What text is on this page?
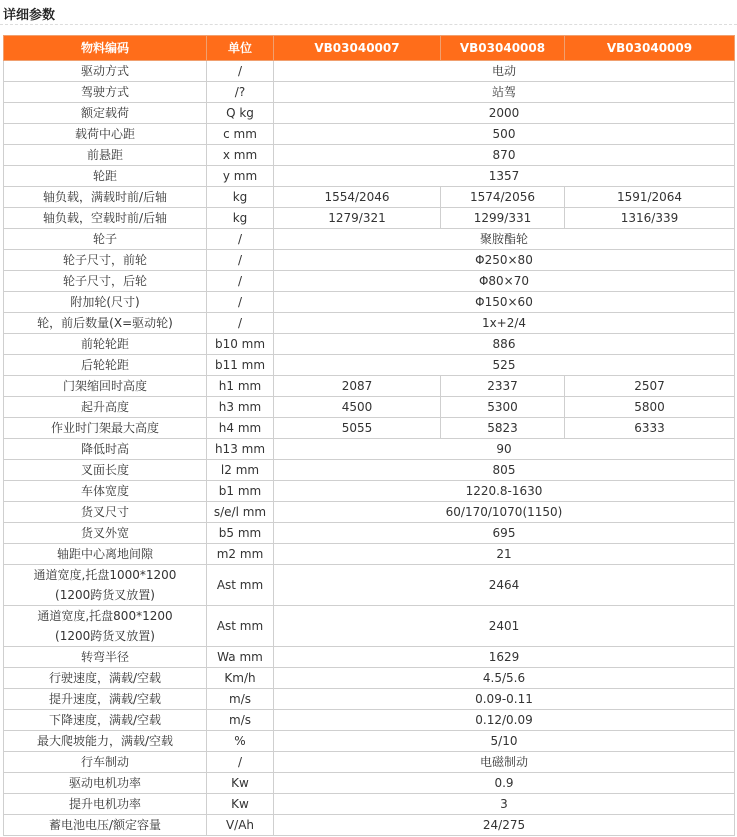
详细参数
物料编码	单位	VB03040007	VB03040008	VB03040009

驱动方式	/	电动		

驾驶方式	/?	站驾		

额定载荷	Q kg	2000		

载荷中心距	c mm	500		

前悬距	x mm	870		

轮距	y mm	1357		

轴负载，满载时前/后轴	kg	1554/2046	1574/2056	1591/2064

轴负载，空载时前/后轴	kg	1279/321	1299/331	1316/339

轮子	/	聚胺酯轮		

轮子尺寸，前轮	/	Φ250×80		

轮子尺寸，后轮	/	Φ80×70		

附加轮(尺寸)	/	Φ150×60		

轮，前后数量(X=驱动轮)	/	1x+2/4		

前轮轮距	b10 mm	886		

后轮轮距	b11 mm	525		

门架缩回时高度	h1 mm	2087	2337	2507

起升高度	h3 mm	4500	5300	5800

作业时门架最大高度	h4 mm	5055	5823	6333

降低时高	h13 mm	90		

叉面长度	l2 mm	805		

车体宽度	b1 mm	1220.8-1630		

货叉尺寸	s/e/l mm	60/170/1070(1150)		

货叉外宽	b5 mm	695		

轴距中心离地间隙	m2 mm	21		

通道宽度,托盘1000*1200
(1200跨货叉放置)	Ast mm	2464		

通道宽度,托盘800*1200
(1200跨货叉放置)	Ast mm	2401		

转弯半径	Wa mm	1629		

行驶速度，满载/空载	Km/h	4.5/5.6		

提升速度，满载/空载	m/s	0.09-0.11		

下降速度，满载/空载	m/s	0.12/0.09		

最大爬坡能力，满载/空载	%	5/10		

行车制动	/	电磁制动		

驱动电机功率	Kw	0.9		

提升电机功率	Kw	3		

蓄电池电压/额定容量	V/Ah	24/275		
